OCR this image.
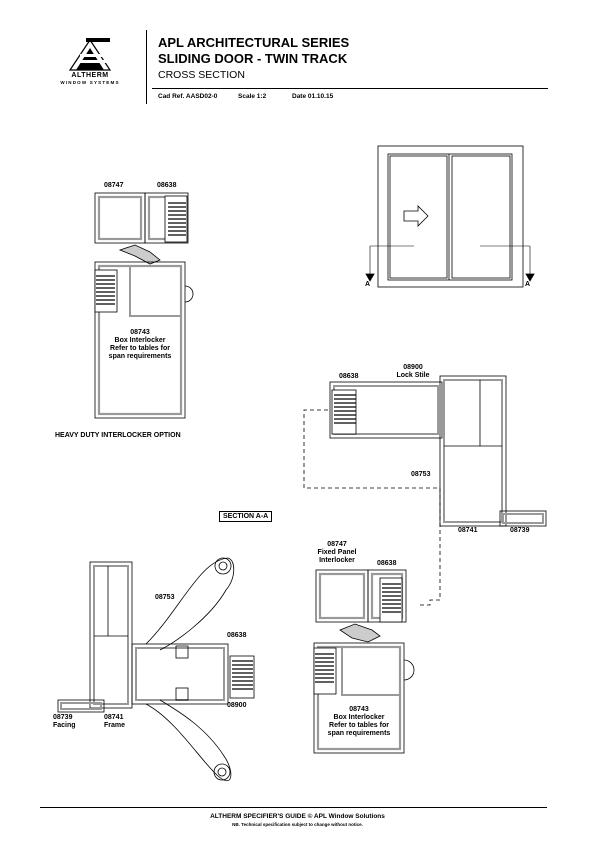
ALTHERM
WINDOW SYSTEMS
APL ARCHITECTURAL SERIES
SLIDING DOOR - TWIN TRACK
CROSS SECTION
Cad Ref. AASD02-0	Scale 1:2	Date 01.10.15
08747	08638
08743
Box Interlocker
Refer to tables for
span requirements
HEAVY DUTY INTERLOCKER OPTION
A	A
08638
08900
Lock Stile
08753
08741	08739
SECTION A-A
08747
Fixed Panel
Interlocker	08638
08743
Box Interlocker
Refer to tables for
span requirements
08753
08638
08900
08739
Facing
08741
Frame
ALTHERM SPECIFIER'S GUIDE © APL Window Solutions
NB. Technical specification subject to change without notice.
